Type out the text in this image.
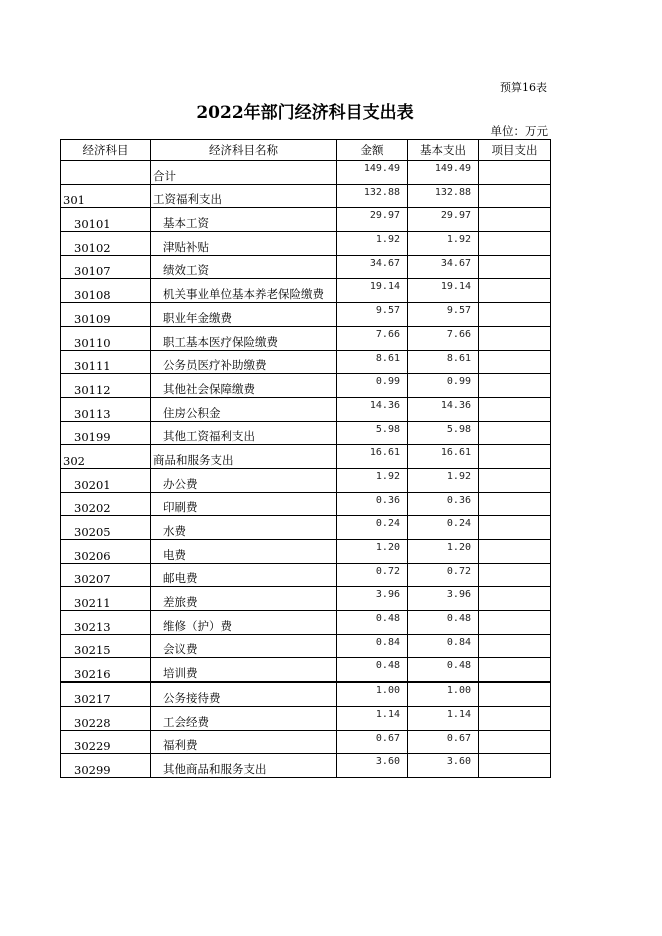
预算16表
2022年部门经济科目支出表
单位：万元
经济科目	经济科目名称	金额	基本支出	项目支出
	合计	149.49	149.49	
301	工资福利支出	132.88	132.88	
30101	基本工资	29.97	29.97	
30102	津贴补贴	1.92	1.92	
30107	绩效工资	34.67	34.67	
30108	机关事业单位基本养老保险缴费	19.14	19.14	
30109	职业年金缴费	9.57	9.57	
30110	职工基本医疗保险缴费	7.66	7.66	
30111	公务员医疗补助缴费	8.61	8.61	
30112	其他社会保障缴费	0.99	0.99	
30113	住房公积金	14.36	14.36	
30199	其他工资福利支出	5.98	5.98	
302	商品和服务支出	16.61	16.61	
30201	办公费	1.92	1.92	
30202	印刷费	0.36	0.36	
30205	水费	0.24	0.24	
30206	电费	1.20	1.20	
30207	邮电费	0.72	0.72	
30211	差旅费	3.96	3.96	
30213	维修（护）费	0.48	0.48	
30215	会议费	0.84	0.84	
30216	培训费	0.48	0.48	
30217	公务接待费	1.00	1.00	
30228	工会经费	1.14	1.14	
30229	福利费	0.67	0.67	
30299	其他商品和服务支出	3.60	3.60	
